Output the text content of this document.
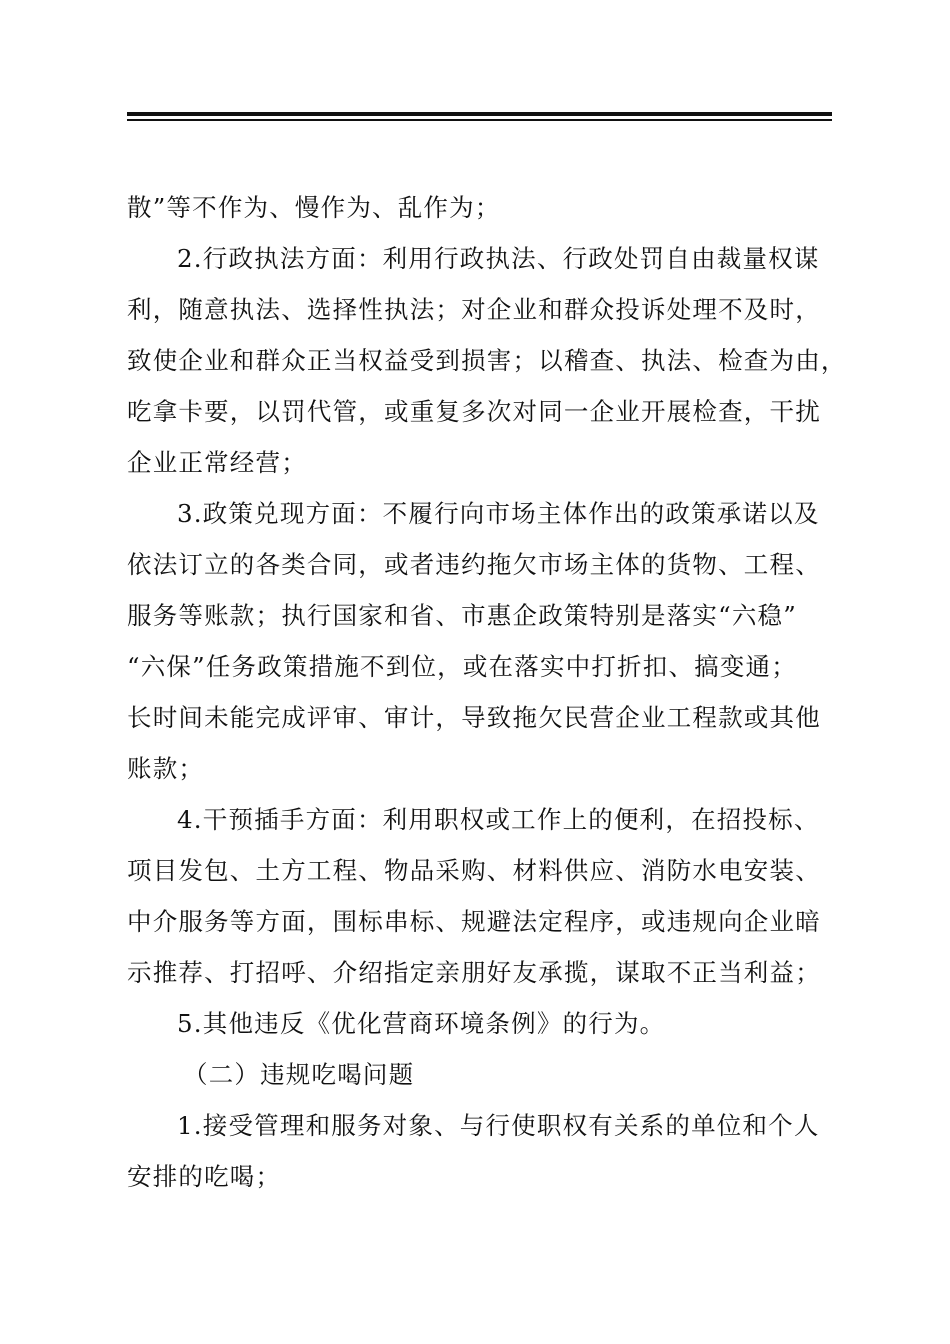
散”等不作为、慢作为、乱作为；
2.行政执法方面：利用行政执法、行政处罚自由裁量权谋
利，随意执法、选择性执法；对企业和群众投诉处理不及时，
致使企业和群众正当权益受到损害；以稽查、执法、检查为由，
吃拿卡要，以罚代管，或重复多次对同一企业开展检查，干扰
企业正常经营；
3.政策兑现方面：不履行向市场主体作出的政策承诺以及
依法订立的各类合同，或者违约拖欠市场主体的货物、工程、
服务等账款；执行国家和省、市惠企政策特别是落实“六稳”
“六保”任务政策措施不到位，或在落实中打折扣、搞变通；
长时间未能完成评审、审计，导致拖欠民营企业工程款或其他
账款；
4.干预插手方面：利用职权或工作上的便利，在招投标、
项目发包、土方工程、物品采购、材料供应、消防水电安装、
中介服务等方面，围标串标、规避法定程序，或违规向企业暗
示推荐、打招呼、介绍指定亲朋好友承揽，谋取不正当利益；
5.其他违反《优化营商环境条例》的行为。
（二）违规吃喝问题
1.接受管理和服务对象、与行使职权有关系的单位和个人
安排的吃喝；
